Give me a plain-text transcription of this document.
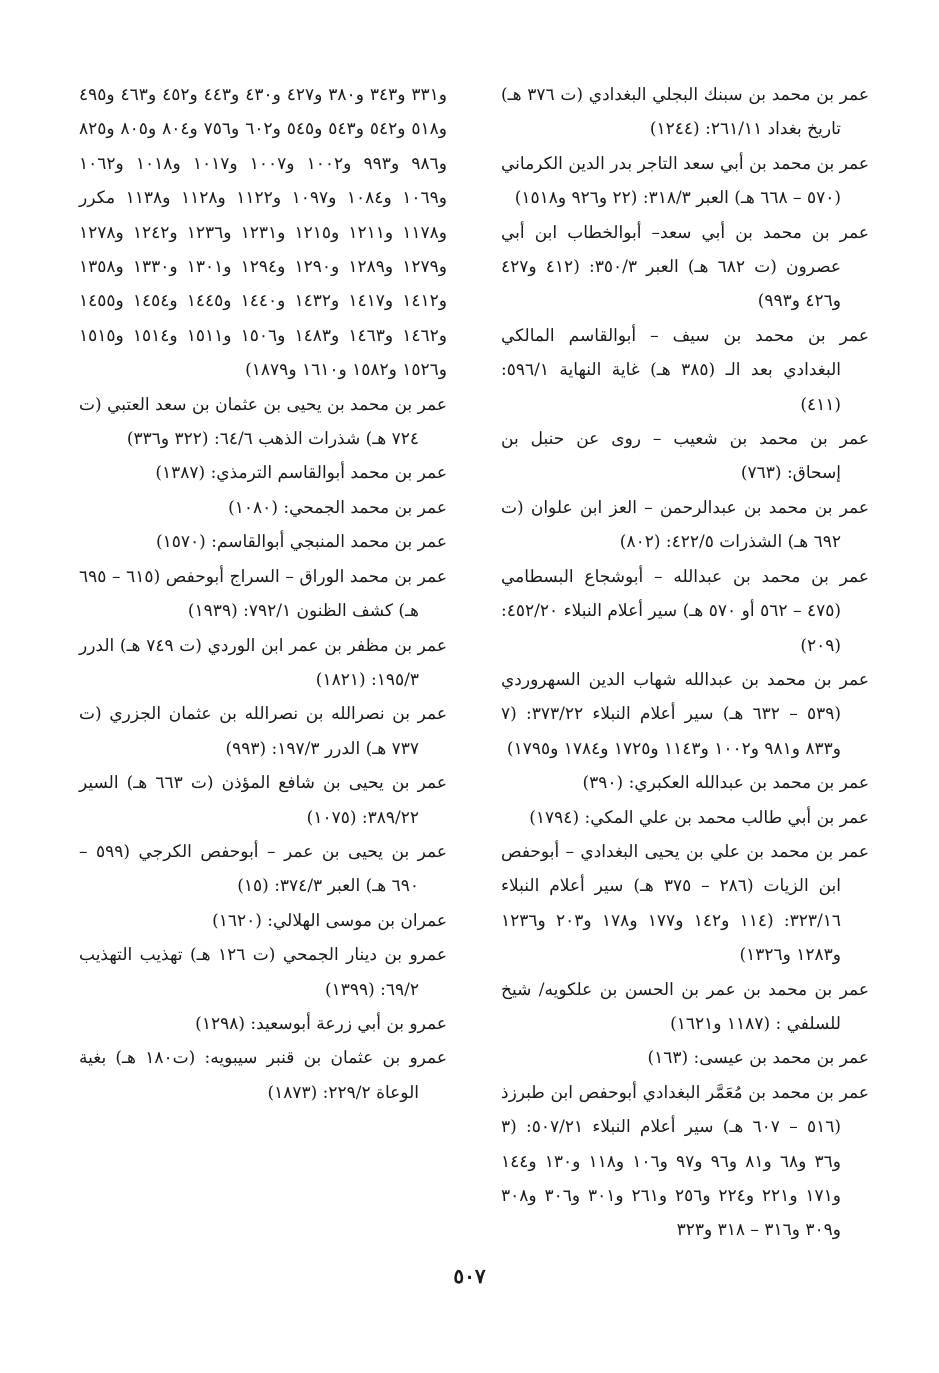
عمر بن محمد بن سبنك البجلي البغدادي (ت ٣٧٦ هـ) تاريخ بغداد ٢٦١/١١: (١٢٤٤)

عمر بن محمد بن أبي سعد التاجر بدر الدين الكرماني (٥٧٠ – ٦٦٨ هـ) العبر ٣١٨/٣: (٢٢ و٩٢٦ و١٥١٨)

عمر بن محمد بن أبي سعد– أبوالخطاب ابن أبي عصرون (ت ٦٨٢ هـ) العبر ٣٥٠/٣: (٤١٢ و٤٢٧ و٤٢٦ و٩٩٣)

عمر بن محمد بن سيف – أبوالقاسم المالكي البغدادي بعد الـ (٣٨٥ هـ) غاية النهاية ٥٩٦/١: (٤١١)

عمر بن محمد بن شعيب – روى عن حنبل بن إسحاق: (٧٦٣)

عمر بن محمد بن عبدالرحمن – العز ابن علوان (ت ٦٩٢ هـ) الشذرات ٤٢٢/٥: (٨٠٢)

عمر بن محمد بن عبدالله – أبوشجاع البسطامي (٤٧٥ – ٥٦٢ أو ٥٧٠ هـ) سير أعلام النبلاء ٤٥٢/٢٠: (٢٠٩)

عمر بن محمد بن عبدالله شهاب الدين السهروردي (٥٣٩ – ٦٣٢ هـ) سير أعلام النبلاء ٣٧٣/٢٢: (٧ و٨٣٣ و٩٨١ و١٠٠٢ و١١٤٣ و١٧٢٥ و١٧٨٤ و١٧٩٥)

عمر بن محمد بن عبدالله العكبري: (٣٩٠)

عمر بن أبي طالب محمد بن علي المكي: (١٧٩٤)

عمر بن محمد بن علي بن يحيى البغدادي – أبوحفص ابن الزيات (٢٨٦ – ٣٧٥ هـ) سير أعلام النبلاء ٣٢٣/١٦: (١١٤ و١٤٢ و١٧٧ و١٧٨ و٢٠٣ و١٢٣٦ و١٢٨٣ و١٣٢٦)

عمر بن محمد بن عمر بن الحسن بن علكويه/ شيخ للسلفي : (١١٨٧ و١٦٢١)

عمر بن محمد بن عيسى: (١٦٣)

عمر بن محمد بن مُعَمَّر البغدادي أبوحفص ابن طبرزذ (٥١٦ – ٦٠٧ هـ) سير أعلام النبلاء ٥٠٧/٢١: (٣ و٣٦ و٦٨ و٨١ و٩٦ و٩٧ و١٠٦ و١١٨ و١٣٠ و١٤٤ و١٧١ و٢٢١ و٢٢٤ و٢٥٦ و٢٦١ و٣٠١ و٣٠٦ و٣٠٨ و٣٠٩ و٣١٦ – ٣١٨ و٣٢٣

و٣٣١ و٣٤٣ و٣٨٠ و٤٢٧ و٤٣٠ و٤٤٣ و٤٥٢ و٤٦٣ و٤٩٥ و٥١٨ و٥٤٢ و٥٤٣ و٥٤٥ و٦٠٢ و٧٥٦ و٨٠٤ و٨٠٥ و٨٢٥ و٩٨٦ و٩٩٣ و١٠٠٢ و١٠٠٧ و١٠١٧ و١٠١٨ و١٠٦٢ و١٠٦٩ و١٠٨٤ و١٠٩٧ و١١٢٢ و١١٢٨ و١١٣٨ مكرر و١١٧٨ و١٢١١ و١٢١٥ و١٢٣١ و١٢٣٦ و١٢٤٢ و١٢٧٨ و١٢٧٩ و١٢٨٩ و١٢٩٠ و١٢٩٤ و١٣٠١ و١٣٣٠ و١٣٥٨ و١٤١٢ و١٤١٧ و١٤٣٢ و١٤٤٠ و١٤٤٥ و١٤٥٤ و١٤٥٥ و١٤٦٢ و١٤٦٣ و١٤٨٣ و١٥٠٦ و١٥١١ و١٥١٤ و١٥١٥ و١٥٢٦ و١٥٨٢ و١٦١٠ و١٨٧٩)

عمر بن محمد بن يحيى بن عثمان بن سعد العتبي (ت ٧٢٤ هـ) شذرات الذهب ٦٤/٦: (٣٢٢ و٣٣٦)

عمر بن محمد أبوالقاسم الترمذي: (١٣٨٧)

عمر بن محمد الجمحي: (١٠٨٠)

عمر بن محمد المنبجي أبوالقاسم: (١٥٧٠)

عمر بن محمد الوراق – السراج أبوحفص (٦١٥ – ٦٩٥ هـ) كشف الظنون ٧٩٢/١: (١٩٣٩)

عمر بن مظفر بن عمر ابن الوردي (ت ٧٤٩ هـ) الدرر ١٩٥/٣: (١٨٢١)

عمر بن نصرالله بن نصرالله بن عثمان الجزري (ت ٧٣٧ هـ) الدرر ١٩٧/٣: (٩٩٣)

عمر بن يحيى بن شافع المؤذن (ت ٦٦٣ هـ) السير ٣٨٩/٢٢: (١٠٧٥)

عمر بن يحيى بن عمر – أبوحفص الكرجي (٥٩٩ – ٦٩٠ هـ) العبر ٣٧٤/٣: (١٥)

عمران بن موسى الهلالي: (١٦٢٠)

عمرو بن دينار الجمحي (ت ١٢٦ هـ) تهذيب التهذيب ٦٩/٢: (١٣٩٩)

عمرو بن أبي زرعة أبوسعيد: (١٢٩٨)

عمرو بن عثمان بن قنبر سيبويه: (ت١٨٠ هـ) بغية الوعاة ٢٢٩/٢: (١٨٧٣)

٥٠٧
